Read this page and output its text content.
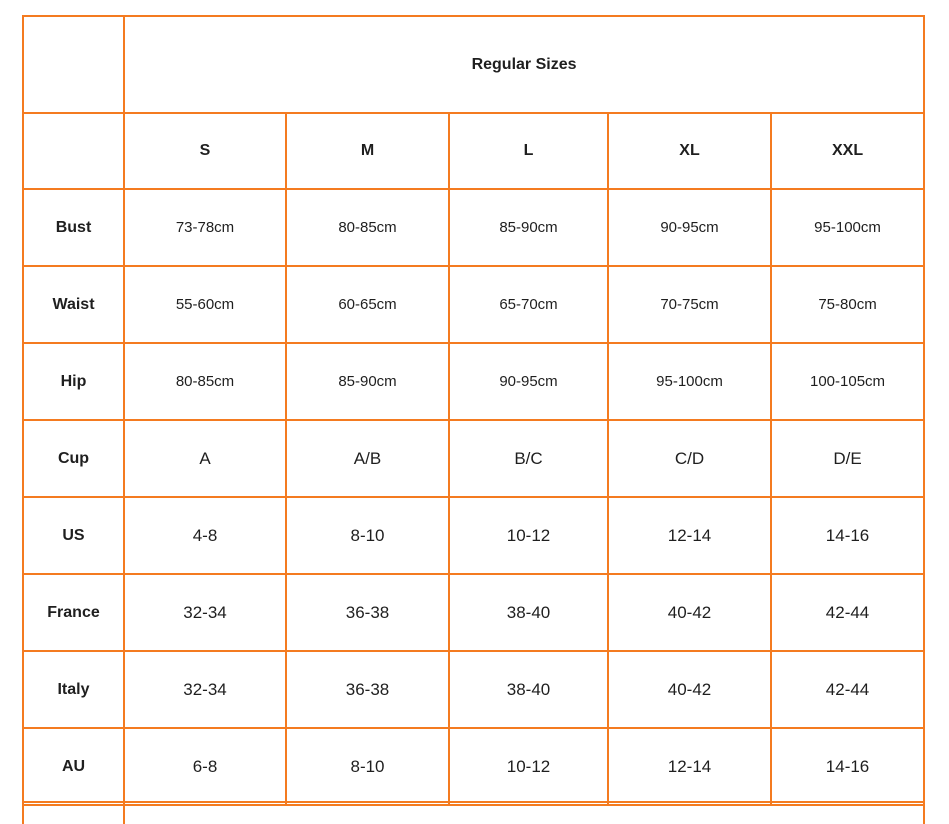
	Regular Sizes				
	S	M	L	XL	XXL
Bust	73-78cm	80-85cm	85-90cm	90-95cm	95-100cm
Waist	55-60cm	60-65cm	65-70cm	70-75cm	75-80cm
Hip	80-85cm	85-90cm	90-95cm	95-100cm	100-105cm
Cup	A	A/B	B/C	C/D	D/E
US	4-8	8-10	10-12	12-14	14-16
France	32-34	36-38	38-40	40-42	42-44
Italy	32-34	36-38	38-40	40-42	42-44
AU	6-8	8-10	10-12	12-14	14-16
